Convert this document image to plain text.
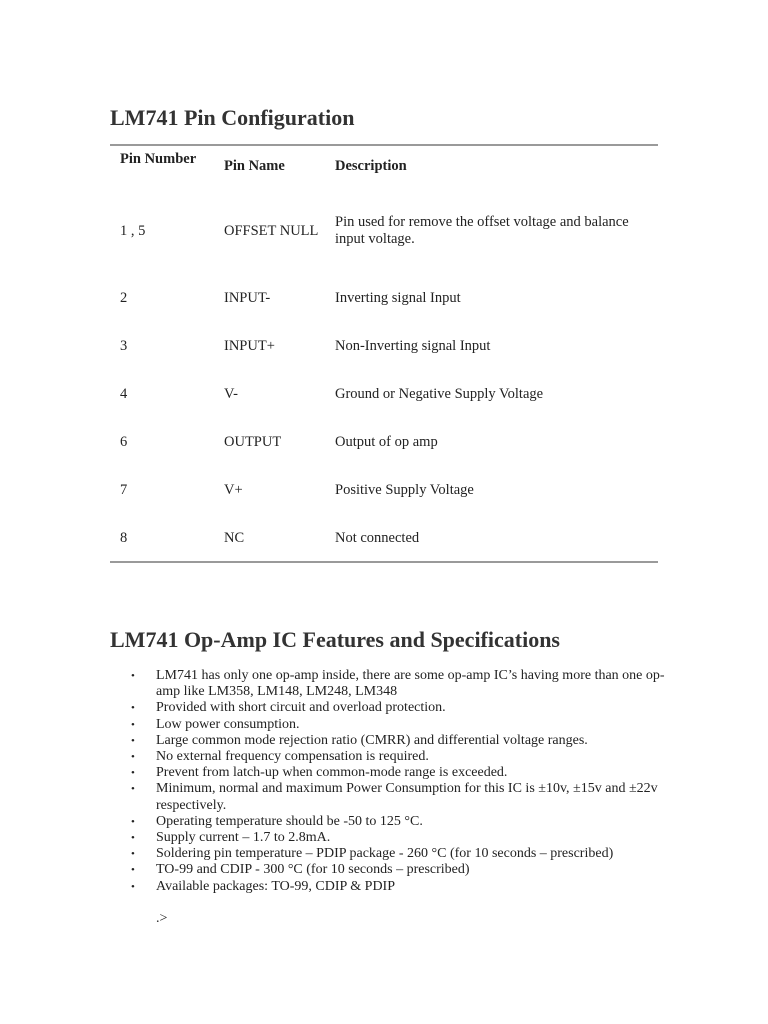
LM741 Pin Configuration
Pin Number	Pin Name	Description
1 , 5	OFFSET NULL	Pin used for remove the offset voltage and balance input voltage.
2	INPUT-	Inverting signal Input
3	INPUT+	Non-Inverting signal Input
4	V-	Ground or Negative Supply Voltage
6	OUTPUT	Output of op amp
7	V+	Positive Supply Voltage
8	NC	Not connected
LM741 Op-Amp IC Features and Specifications
• LM741 has only one op-amp inside, there are some op-amp IC’s having more than one op-amp like LM358, LM148, LM248, LM348
• Provided with short circuit and overload protection.
• Low power consumption.
• Large common mode rejection ratio (CMRR) and differential voltage ranges.
• No external frequency compensation is required.
• Prevent from latch-up when common-mode range is exceeded.
• Minimum, normal and maximum Power Consumption for this IC is ±10v, ±15v and ±22v respectively.
• Operating temperature should be -50 to 125 °C.
• Supply current – 1.7 to 2.8mA.
• Soldering pin temperature – PDIP package - 260 °C (for 10 seconds – prescribed)
• TO-99 and CDIP - 300 °C (for 10 seconds – prescribed)
• Available packages: TO-99, CDIP & PDIP
.>
